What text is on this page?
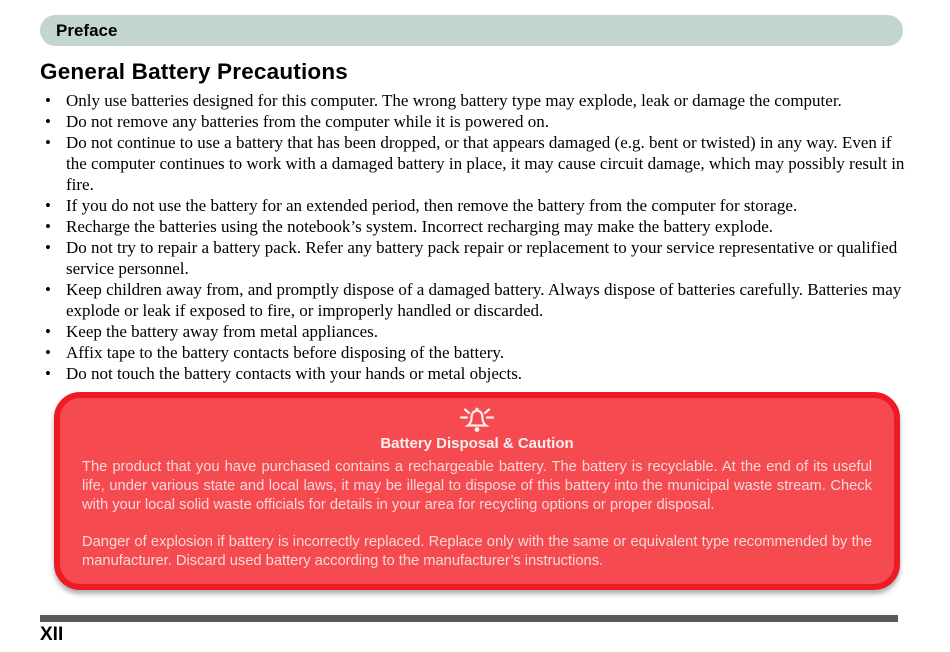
Preface
General Battery Precautions
• Only use batteries designed for this computer. The wrong battery type may explode, leak or damage the computer.
• Do not remove any batteries from the computer while it is powered on.
• Do not continue to use a battery that has been dropped, or that appears damaged (e.g. bent or twisted) in any way. Even if the computer continues to work with a damaged battery in place, it may cause circuit damage, which may possibly result in fire.
• If you do not use the battery for an extended period, then remove the battery from the computer for storage.
• Recharge the batteries using the notebook’s system. Incorrect recharging may make the battery explode.
• Do not try to repair a battery pack. Refer any battery pack repair or replacement to your service representative or qualified service personnel.
• Keep children away from, and promptly dispose of a damaged battery. Always dispose of batteries carefully. Batteries may explode or leak if exposed to fire, or improperly handled or discarded.
• Keep the battery away from metal appliances.
• Affix tape to the battery contacts before disposing of the battery.
• Do not touch the battery contacts with your hands or metal objects.
Battery Disposal & Caution

The product that you have purchased contains a rechargeable battery. The battery is recyclable. At the end of its useful life, under various state and local laws, it may be illegal to dispose of this battery into the municipal waste stream. Check with your local solid waste officials for details in your area for recycling options or proper disposal.

Danger of explosion if battery is incorrectly replaced. Replace only with the same or equivalent type recommended by the manufacturer. Discard used battery according to the manufacturer’s instructions.

XII
